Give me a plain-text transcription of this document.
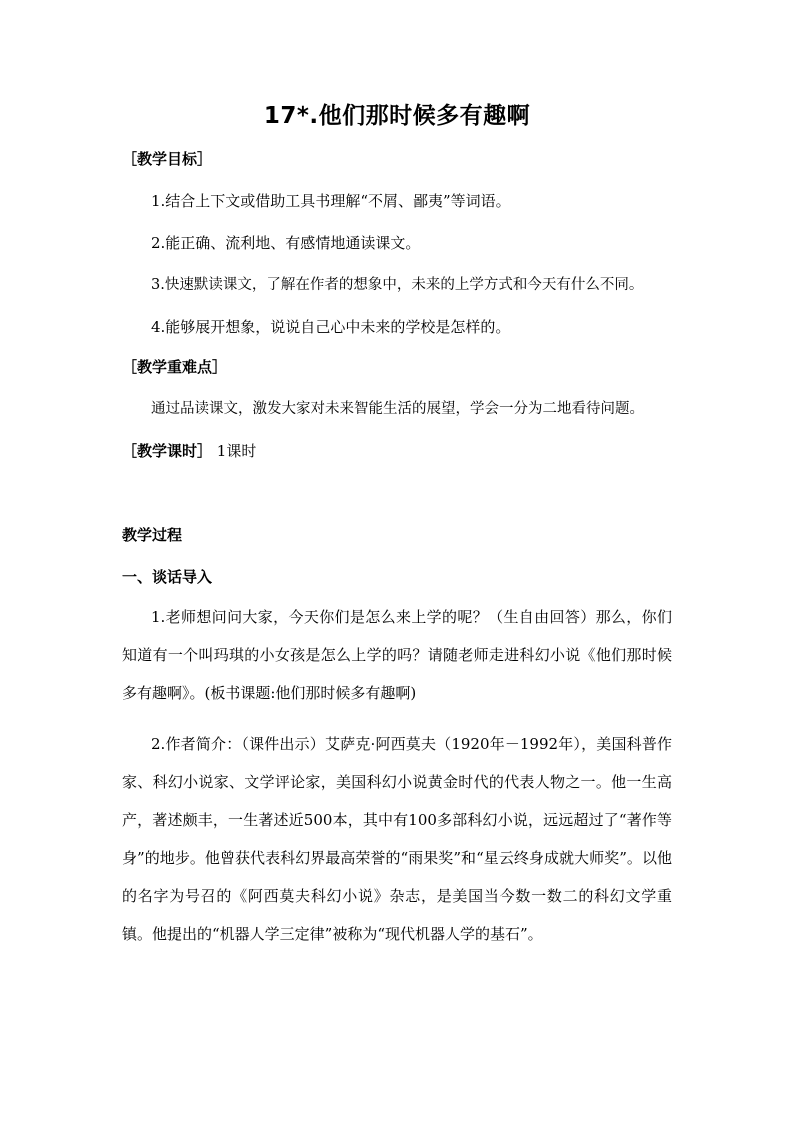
17*.他们那时候多有趣啊
［教学目标］
1.结合上下文或借助工具书理解“不屑、鄙夷”等词语。
2.能正确、流利地、有感情地通读课文。
3.快速默读课文，了解在作者的想象中，未来的上学方式和今天有什么不同。
4.能够展开想象，说说自己心中未来的学校是怎样的。
［教学重难点］
通过品读课文，激发大家对未来智能生活的展望，学会一分为二地看待问题。
［教学课时］ 1课时
教学过程
一、谈话导入
1.老师想问问大家，今天你们是怎么来上学的呢？（生自由回答）那么，你们知道有一个叫玛琪的小女孩是怎么上学的吗？请随老师走进科幻小说《他们那时候多有趣啊》。(板书课题:他们那时候多有趣啊)
2.作者简介：（课件出示）艾萨克·阿西莫夫（1920年－1992年），美国科普作家、科幻小说家、文学评论家，美国科幻小说黄金时代的代表人物之一。他一生高产，著述颇丰，一生著述近500本，其中有100多部科幻小说，远远超过了“著作等身”的地步。他曾获代表科幻界最高荣誉的“雨果奖”和“星云终身成就大师奖”。以他的名字为号召的《阿西莫夫科幻小说》杂志，是美国当今数一数二的科幻文学重镇。他提出的“机器人学三定律”被称为“现代机器人学的基石”。
